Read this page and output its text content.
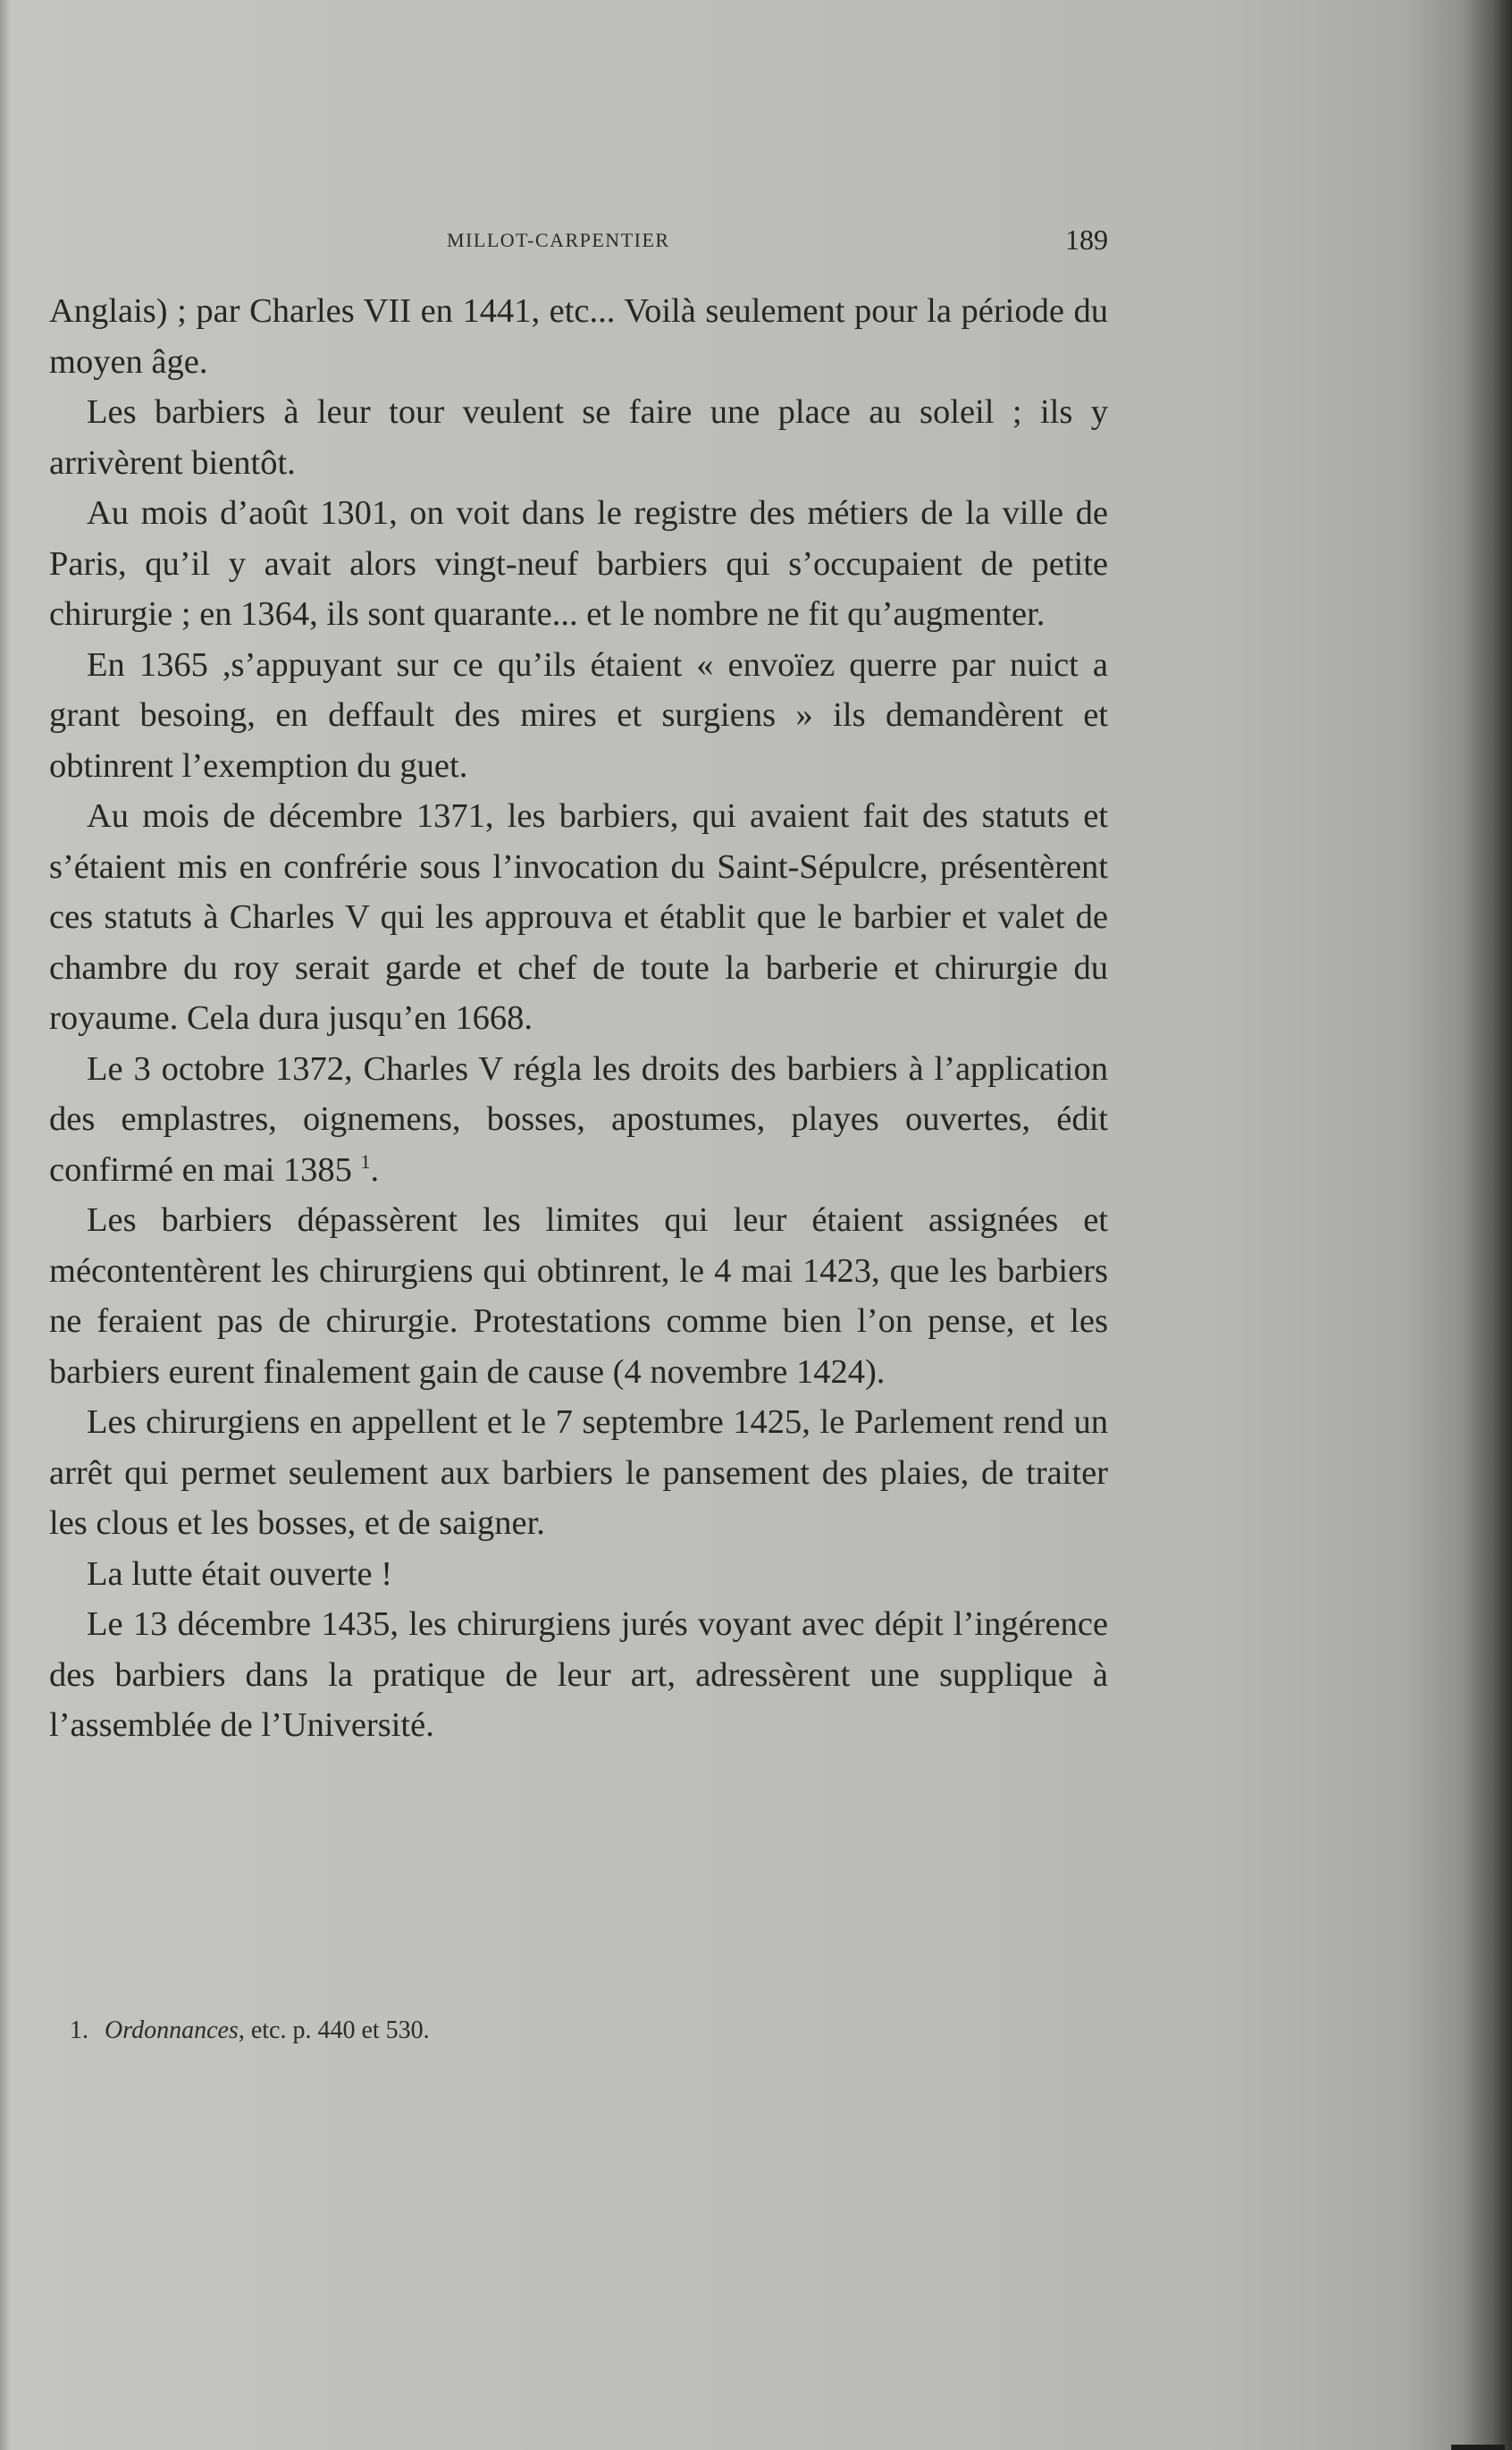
MILLOT-CARPENTIER	189

Anglais) ; par Charles VII en 1441, etc... Voilà seulement pour la période du moyen âge.

Les barbiers à leur tour veulent se faire une place au soleil ; ils y arrivèrent bientôt.

Au mois d’août 1301, on voit dans le registre des métiers de la ville de Paris, qu’il y avait alors vingt-neuf barbiers qui s’occupaient de petite chirurgie ; en 1364, ils sont quarante... et le nombre ne fit qu’augmenter.

En 1365 ,s’appuyant sur ce qu’ils étaient « envoïez querre par nuict a grant besoing, en deffault des mires et surgiens » ils demandèrent et obtinrent l’exemption du guet.

Au mois de décembre 1371, les barbiers, qui avaient fait des statuts et s’étaient mis en confrérie sous l’invocation du Saint-Sépulcre, présentèrent ces statuts à Charles V qui les approuva et établit que le barbier et valet de chambre du roy serait garde et chef de toute la barberie et chirurgie du royaume. Cela dura jusqu’en 1668.

Le 3 octobre 1372, Charles V régla les droits des barbiers à l’application des emplastres, oignemens, bosses, apostumes, playes ouvertes, édit confirmé en mai 1385 $^1$.

Les barbiers dépassèrent les limites qui leur étaient assignées et mécontentèrent les chirurgiens qui obtinrent, le 4 mai 1423, que les barbiers ne feraient pas de chirurgie. Protestations comme bien l’on pense, et les barbiers eurent finalement gain de cause (4 novembre 1424).

Les chirurgiens en appellent et le 7 septembre 1425, le Parlement rend un arrêt qui permet seulement aux barbiers le pansement des plaies, de traiter les clous et les bosses, et de saigner.

La lutte était ouverte !

Le 13 décembre 1435, les chirurgiens jurés voyant avec dépit l’ingérence des barbiers dans la pratique de leur art, adressèrent une supplique à l’assemblée de l’Université.

1. Ordonnances, etc. p. 440 et 530.
